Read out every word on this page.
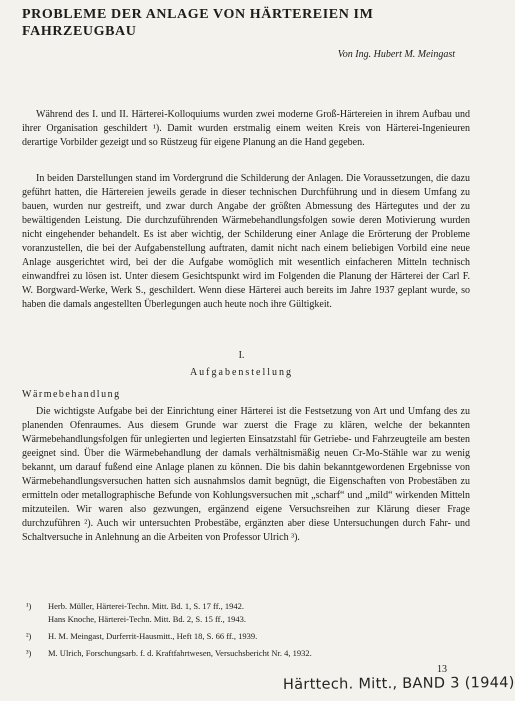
PROBLEME DER ANLAGE VON HÄRTEREIEN IM FAHRZEUGBAU
Von Ing. Hubert M. Meingast

Während des I. und II. Härterei-Kolloquiums wurden zwei moderne Groß-Härtereien in ihrem Aufbau und ihrer Organisation geschildert ¹). Damit wurden erstmalig einem weiten Kreis von Härterei-Ingenieuren derartige Vorbilder gezeigt und so Rüstzeug für eigene Planung an die Hand gegeben.

In beiden Darstellungen stand im Vordergrund die Schilderung der Anlagen. Die Voraussetzungen, die dazu geführt hatten, die Härtereien jeweils gerade in dieser technischen Durchführung und in diesem Umfang zu bauen, wurden nur gestreift, und zwar durch Angabe der größten Abmessung des Härtegutes und der zu bewältigenden Leistung. Die durchzuführenden Wärmebehandlungsfolgen sowie deren Motivierung wurden nicht eingehender behandelt. Es ist aber wichtig, der Schilderung einer Anlage die Erörterung der Probleme voranzustellen, die bei der Aufgabenstellung auftraten, damit nicht nach einem beliebigen Vorbild eine neue Anlage ausgerichtet wird, bei der die Aufgabe womöglich mit wesentlich einfacheren Mitteln technisch einwandfrei zu lösen ist. Unter diesem Gesichtspunkt wird im Folgenden die Planung der Härterei der Carl F. W. Borgward-Werke, Werk S., geschildert. Wenn diese Härterei auch bereits im Jahre 1937 geplant wurde, so haben die damals angestellten Überlegungen auch heute noch ihre Gültigkeit.

I.
Aufgabenstellung
Wärmebehandlung

Die wichtigste Aufgabe bei der Einrichtung einer Härterei ist die Festsetzung von Art und Umfang des zu planenden Ofenraumes. Aus diesem Grunde war zuerst die Frage zu klären, welche der bekannten Wärmebehandlungsfolgen für unlegierten und legierten Einsatzstahl für Getriebe- und Fahrzeugteile am besten geeignet sind. Über die Wärmebehandlung der damals verhältnismäßig neuen Cr-Mo-Stähle war zu wenig bekannt, um darauf fußend eine Anlage planen zu können. Die bis dahin bekanntgewordenen Ergebnisse von Wärmebehandlungsversuchen hatten sich ausnahmslos damit begnügt, die Eigenschaften von Probestäben zu ermitteln oder metallographische Befunde von Kohlungsversuchen mit „scharf“ und „mild“ wirkenden Mitteln mitzuteilen. Wir waren also gezwungen, ergänzend eigene Versuchsreihen zur Klärung dieser Frage durchzuführen ²). Auch wir untersuchten Probestäbe, ergänzten aber diese Untersuchungen durch Fahr- und Schaltversuche in Anlehnung an die Arbeiten von Professor Ulrich ³).

¹) Herb. Müller, Härterei-Techn. Mitt. Bd. 1, S. 17 ff., 1942.
Hans Knoche, Härterei-Techn. Mitt. Bd. 2, S. 15 ff., 1943.
²) H. M. Meingast, Durferrit-Hausmitt., Heft 18, S. 66 ff., 1939.
³) M. Ulrich, Forschungsarb. f. d. Kraftfahrtwesen, Versuchsbericht Nr. 4, 1932.
13
Härttech. Mitt., BAND 3 (1944)
